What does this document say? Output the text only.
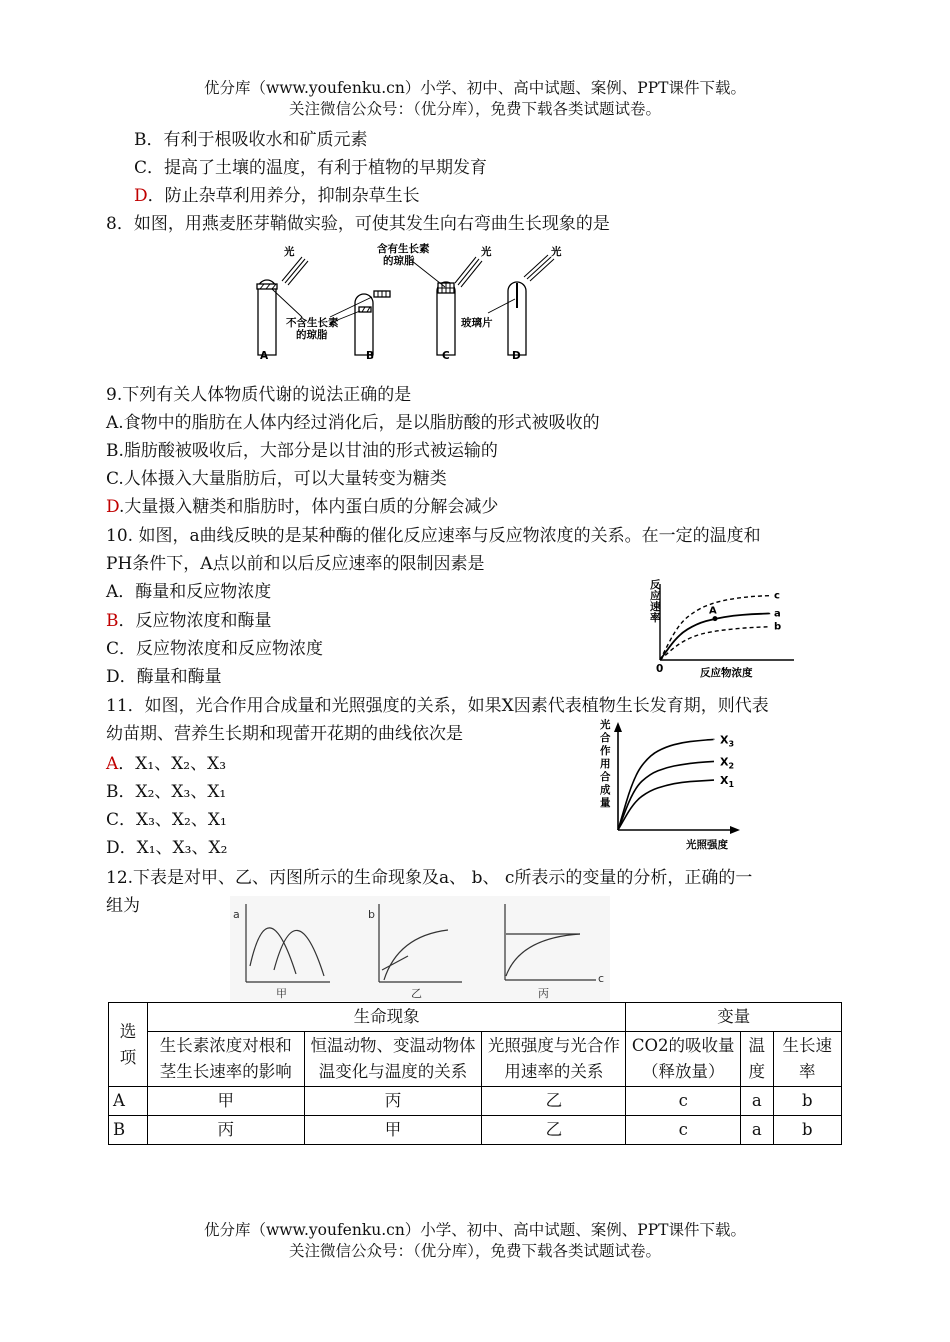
优分库（www.youfenku.cn）小学、初中、高中试题、案例、PPT课件下载。
关注微信公众号：（优分库），免费下载各类试题试卷。
B．有利于根吸收水和矿质元素
C．提高了土壤的温度，有利于植物的早期发育
D．防止杂草利用养分，抑制杂草生长
8．如图，用燕麦胚芽鞘做实验，可使其发生向右弯曲生长现象的是
光	光	光
含有生长素
的琼脂
不含生长素
的琼脂
玻璃片
A	B	C	D
9.下列有关人体物质代谢的说法正确的是
A.食物中的脂肪在人体内经过消化后，是以脂肪酸的形式被吸收的
B.脂肪酸被吸收后，大部分是以甘油的形式被运输的
C.人体摄入大量脂肪后，可以大量转变为糖类
D.大量摄入糖类和脂肪时，体内蛋白质的分解会减少
10. 如图，a曲线反映的是某种酶的催化反应速率与反应物浓度的关系。在一定的温度和
PH条件下，A点以前和以后反应速率的限制因素是
A．酶量和反应物浓度
B．反应物浓度和酶量
C．反应物浓度和反应物浓度
D．酶量和酶量
反应速率
0	反应物浓度
c
a
b
A
11．如图，光合作用合成量和光照强度的关系，如果X因素代表植物生长发育期，则代表
幼苗期、营养生长期和现蕾开花期的曲线依次是
A．X₁、X₂、X₃
B．X₂、X₃、X₁
C．X₃、X₂、X₁
D．X₁、X₃、X₂
光合作用合成量
光照强度
$X_3$
$X_2$
$X_1$
12.下表是对甲、乙、丙图所示的生命现象及a、 b、 c所表示的变量的分析，正确的一
组为	a
甲
b
乙
c
丙
选项	生命现象			变量		
	生长素浓度对根和茎生长速率的影响	恒温动物、变温动物体温变化与温度的关系	光照强度与光合作用速率的关系	CO2的吸收量（释放量）	温度	生长速率
A	甲	丙	乙	c	a	b
B	丙	甲	乙	c	a	b
优分库（www.youfenku.cn）小学、初中、高中试题、案例、PPT课件下载。
关注微信公众号：（优分库），免费下载各类试题试卷。
